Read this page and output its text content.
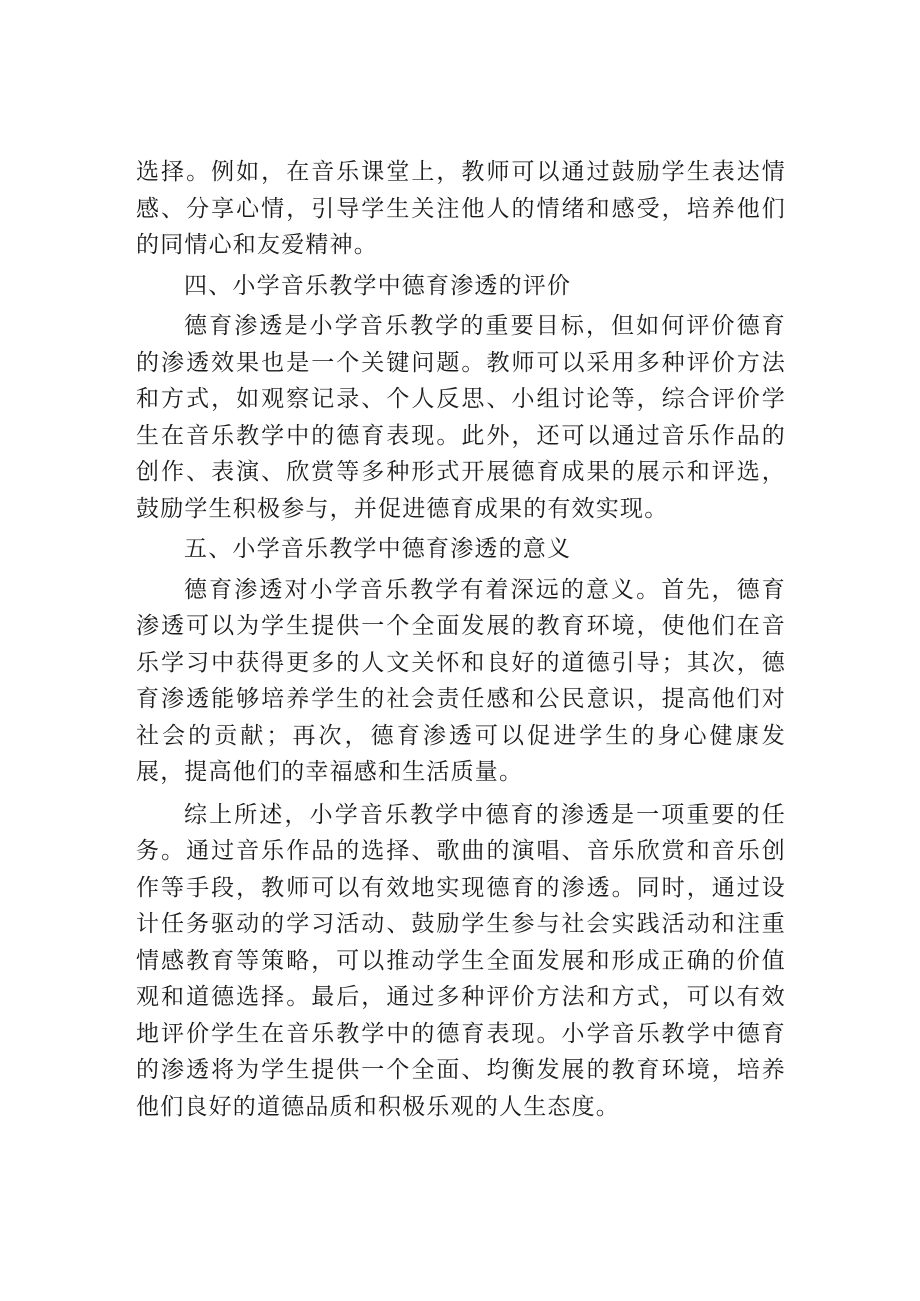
选择。例如，在音乐课堂上，教师可以通过鼓励学生表达情感、分享心情，引导学生关注他人的情绪和感受，培养他们的同情心和友爱精神。

四、小学音乐教学中德育渗透的评价

德育渗透是小学音乐教学的重要目标，但如何评价德育的渗透效果也是一个关键问题。教师可以采用多种评价方法和方式，如观察记录、个人反思、小组讨论等，综合评价学生在音乐教学中的德育表现。此外，还可以通过音乐作品的创作、表演、欣赏等多种形式开展德育成果的展示和评选，鼓励学生积极参与，并促进德育成果的有效实现。

五、小学音乐教学中德育渗透的意义

德育渗透对小学音乐教学有着深远的意义。首先，德育渗透可以为学生提供一个全面发展的教育环境，使他们在音乐学习中获得更多的人文关怀和良好的道德引导；其次，德育渗透能够培养学生的社会责任感和公民意识，提高他们对社会的贡献；再次，德育渗透可以促进学生的身心健康发展，提高他们的幸福感和生活质量。

综上所述，小学音乐教学中德育的渗透是一项重要的任务。通过音乐作品的选择、歌曲的演唱、音乐欣赏和音乐创作等手段，教师可以有效地实现德育的渗透。同时，通过设计任务驱动的学习活动、鼓励学生参与社会实践活动和注重情感教育等策略，可以推动学生全面发展和形成正确的价值观和道德选择。最后，通过多种评价方法和方式，可以有效地评价学生在音乐教学中的德育表现。小学音乐教学中德育的渗透将为学生提供一个全面、均衡发展的教育环境，培养他们良好的道德品质和积极乐观的人生态度。
